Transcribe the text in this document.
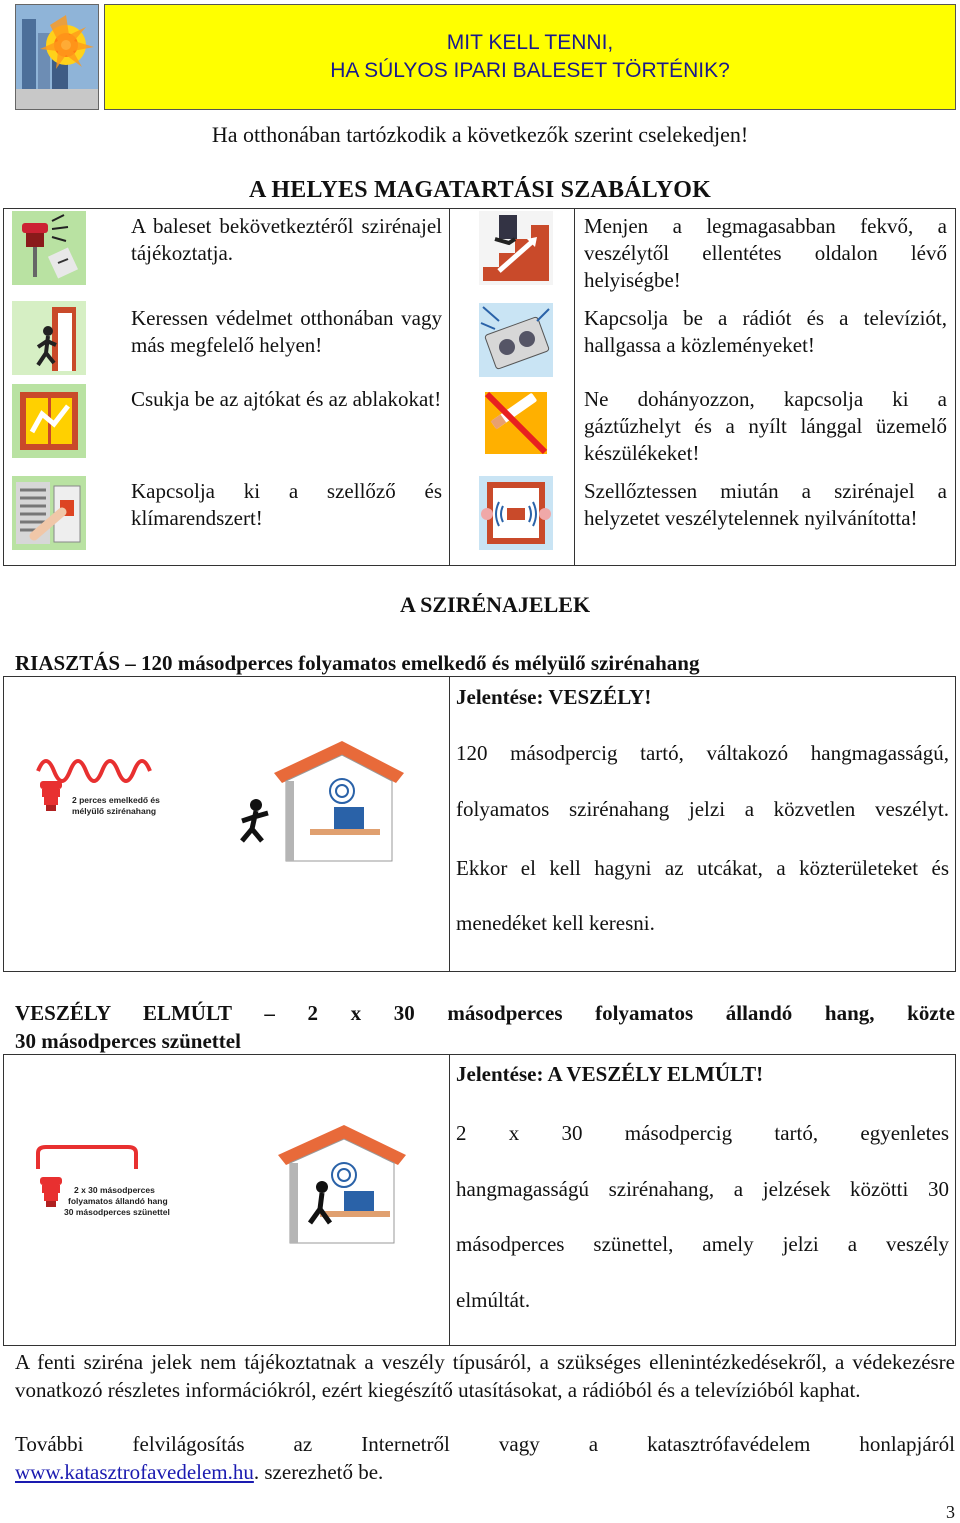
MIT KELL TENNI,
HA SÚLYOS IPARI BALESET TÖRTÉNIK?
Ha otthonában tartózkodik a következők szerint cselekedjen!
A HELYES MAGATARTÁSI SZABÁLYOK
A baleset bekövetkeztéről szirénajel tájékoztatja.
Keressen védelmet otthonában vagy más megfelelő helyen!
Csukja be az ajtókat és az ablakokat!
Kapcsolja ki a szellőző és klímarendszert!
Menjen a legmagasabban fekvő, a veszélytől ellentétes oldalon lévő helyiségbe!
Kapcsolja be a rádiót és a televíziót, hallgassa a közleményeket!
Ne dohányozzon, kapcsolja ki a gáztűzhelyt és a nyílt lánggal üzemelő készülékeket!
Szellőztessen miután a szirénajel a helyzetet veszélytelennek nyilvánította!
A SZIRÉNAJELEK
RIASZTÁS – 120 másodperces folyamatos emelkedő és mélyülő szirénahang
2 perces emelkedő és
mélyülő szirénahang
Jelentése: VESZÉLY!
120 másodpercig tartó, váltakozó hangmagasságú,
folyamatos szirénahang jelzi a közvetlen veszélyt.
Ekkor el kell hagyni az utcákat, a közterületeket és
menedéket kell keresni.
VESZÉLY ELMÚLT – 2 x 30 másodperces folyamatos állandó hang, közte
30 másodperces szünettel
2 x 30 másodperces
folyamatos állandó hang
30 másodperces szünettel
Jelentése: A VESZÉLY ELMÚLT!
2 x 30 másodpercig tartó, egyenletes
hangmagasságú szirénahang, a jelzések közötti 30
másodperces szünettel, amely jelzi a veszély
elmúltát.
A fenti sziréna jelek nem tájékoztatnak a veszély típusáról, a szükséges ellenintézkedésekről, a védekezésre vonatkozó részletes információkról, ezért kiegészítő utasításokat, a rádióból és a televízióból kaphat.
További felvilágosítás az Internetről vagy a katasztrófavédelem honlapjáról
www.katasztrofavedelem.hu. szerezhető be.
3
